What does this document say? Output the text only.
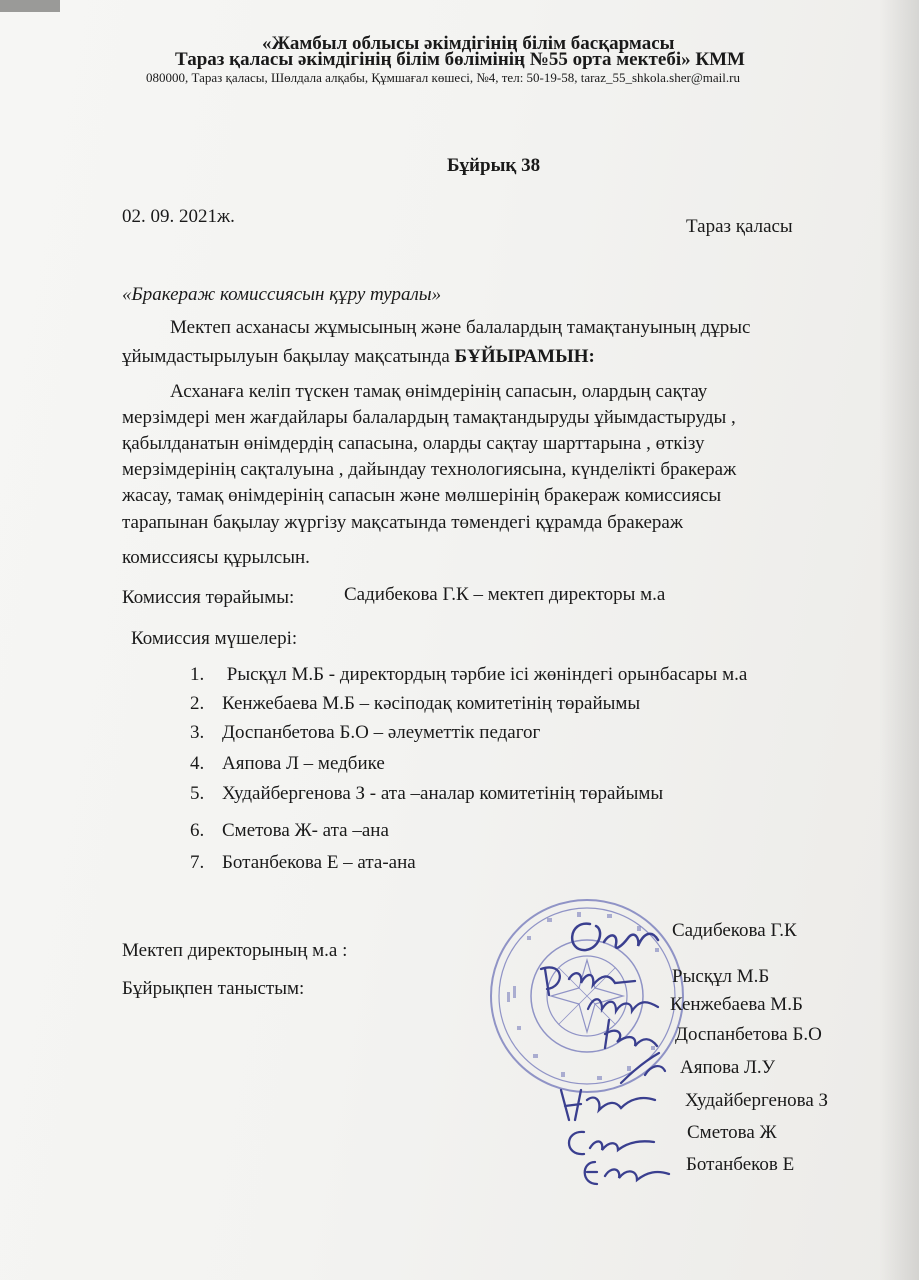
«Жамбыл облысы әкімдігінің білім басқармасы
Тараз қаласы әкімдігінің білім бөлімінің №55 орта мектебі» КММ
080000, Тараз қаласы, Шөлдала алқабы, Құмшағал көшесі, №4, тел: 50-19-58, taraz_55_shkola.sher@mail.ru
Бұйрық 38
02. 09. 2021ж.	Тараз қаласы
«Бракераж комиссиясын құру туралы»
Мектеп асханасы жұмысының және балалардың тамақтануының дұрыс
ұйымдастырылуын бақылау мақсатында БҰЙЫРАМЫН:
Асханаға келіп түскен тамақ өнімдерінің сапасын, олардың сақтау
мерзімдері мен жағдайлары балалардың тамақтандыруды ұйымдастыруды ,
қабылданатын өнімдердің сапасына, оларды сақтау шарттарына , өткізу
мерзімдерінің сақталуына , дайындау технологиясына, күнделікті бракераж
жасау, тамақ өнімдерінің сапасын және мөлшерінің бракераж комиссиясы
тарапынан бақылау жүргізу мақсатында төмендегі құрамда бракераж
комиссиясы құрылсын.
Комиссия төрайымы:	Садибекова Г.К – мектеп директоры м.а
Комиссия мүшелері:
1. Рысқұл М.Б - директордың тәрбие ісі жөніндегі орынбасары м.а
2. Кенжебаева М.Б – кәсіподақ комитетінің төрайымы
3. Доспанбетова Б.О – әлеуметтік педагог
4. Аяпова Л – медбике
5. Худайбергенова З - ата –аналар комитетінің төрайымы
6. Сметова Ж- ата –ана
7. Ботанбекова Е – ата-ана
Мектеп директорының м.а :
Бұйрықпен таныстым:
Садибекова Г.К
Рысқұл М.Б
Кенжебаева М.Б
Доспанбетова Б.О
Аяпова Л.У
Худайбергенова З
Сметова Ж
Ботанбеков Е
